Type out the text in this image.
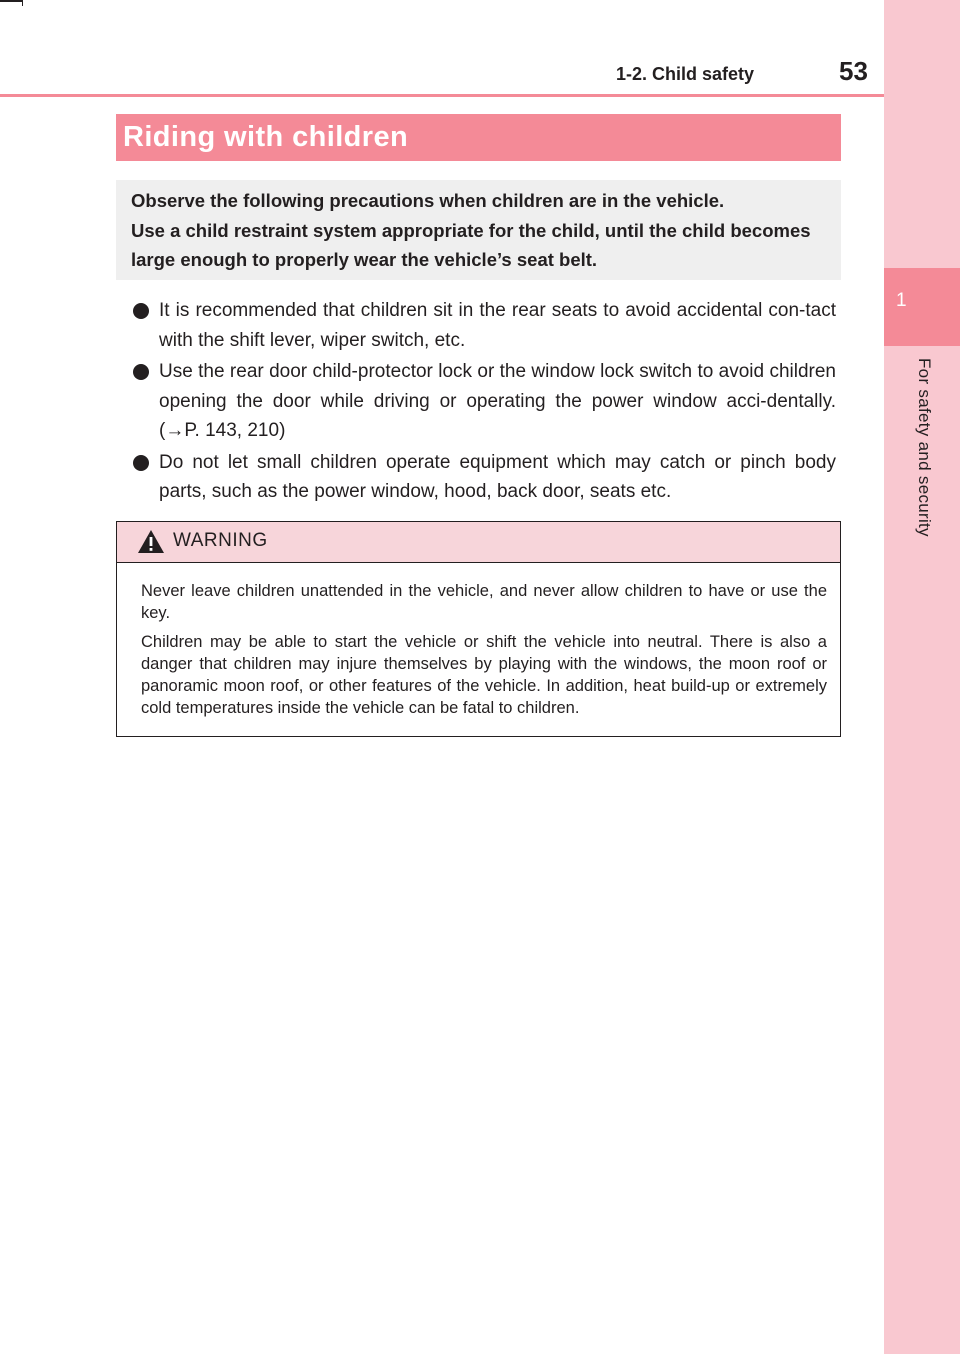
1
For safety and security
1-2. Child safety	53
Riding with children

Observe the following precautions when children are in the vehicle.

Use a child restraint system appropriate for the child, until the child becomes

large enough to properly wear the vehicle’s seat belt.

It is recommended that children sit in the rear seats to avoid accidental con-tact with the shift lever, wiper switch, etc.
Use the rear door child-protector lock or the window lock switch to avoid children opening the door while driving or operating the power window acci-dentally. (→P. 143, 210)
Do not let small children operate equipment which may catch or pinch body parts, such as the power window, hood, back door, seats etc.
WARNING

Never leave children unattended in the vehicle, and never allow children to have or use the key.

Children may be able to start the vehicle or shift the vehicle into neutral. There is also a danger that children may injure themselves by playing with the windows, the moon roof or panoramic moon roof, or other features of the vehicle. In addition, heat build-up or extremely cold temperatures inside the vehicle can be fatal to children.
